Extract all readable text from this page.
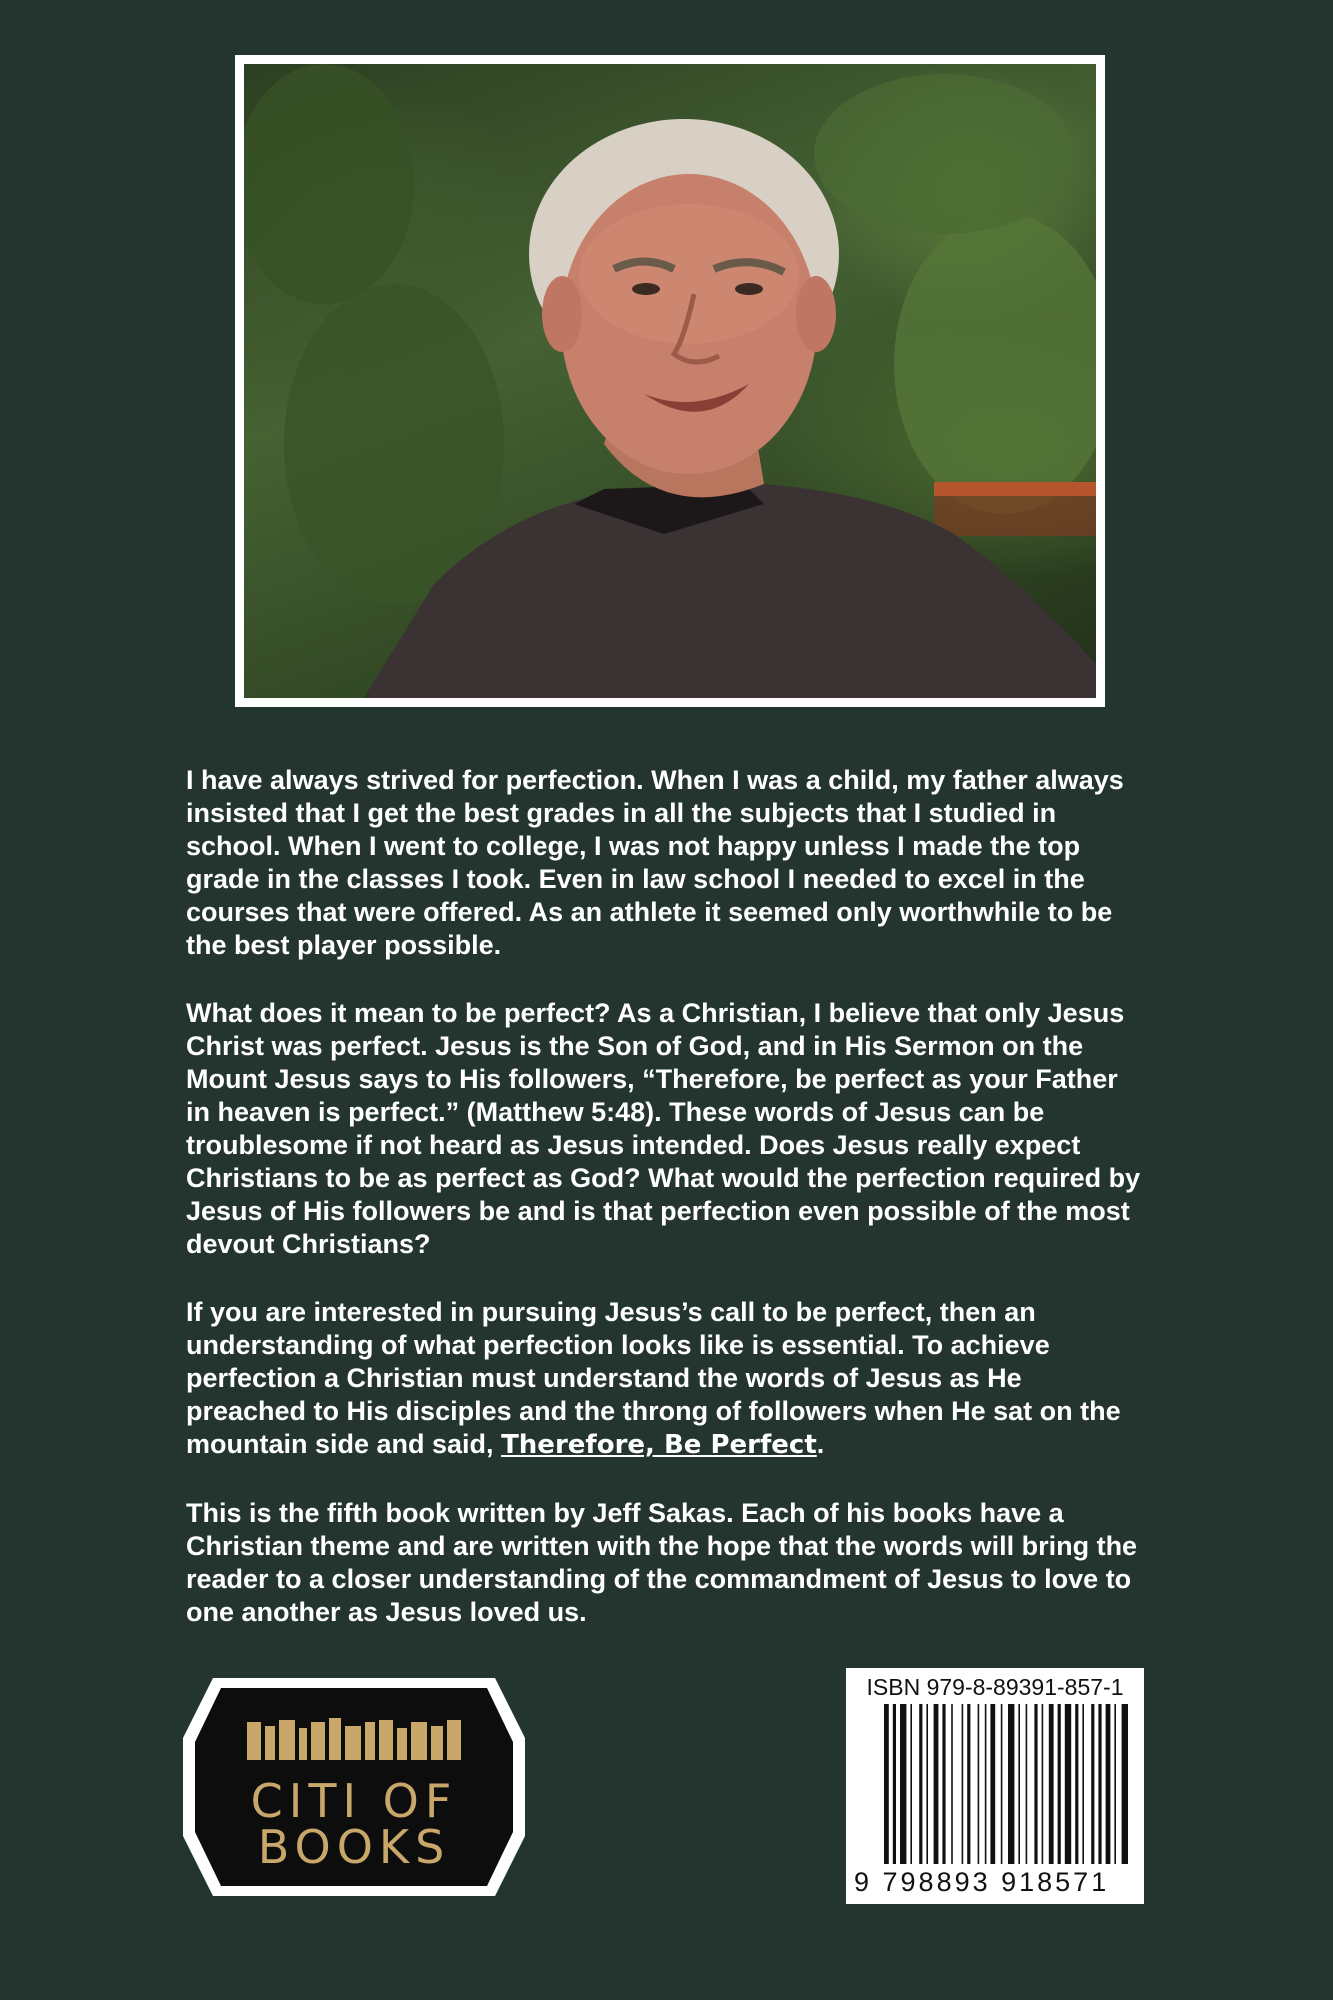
I have always strived for perfection. When I was a child, my father always insisted that I get the best grades in all the subjects that I studied in school. When I went to college, I was not happy unless I made the top grade in the classes I took. Even in law school I needed to excel in the courses that were offered. As an athlete it seemed only worthwhile to be the best player possible.

What does it mean to be perfect? As a Christian, I believe that only Jesus Christ was perfect. Jesus is the Son of God, and in His Sermon on the Mount Jesus says to His followers, “Therefore, be perfect as your Father in heaven is perfect.” (Matthew 5:48). These words of Jesus can be troublesome if not heard as Jesus intended. Does Jesus really expect Christians to be as perfect as God? What would the perfection required by Jesus of His followers be and is that perfection even possible of the most devout Christians?

If you are interested in pursuing Jesus’s call to be perfect, then an understanding of what perfection looks like is essential. To achieve perfection a Christian must understand the words of Jesus as He preached to His disciples and the throng of followers when He sat on the mountain side and said, Therefore, Be Perfect.

This is the fifth book written by Jeff Sakas. Each of his books have a Christian theme and are written with the hope that the words will bring the reader to a closer understanding of the commandment of Jesus to love to one another as Jesus loved us.

CITI OF
BOOKS
ISBN 979-8-89391-857-1
9 798893 918571
